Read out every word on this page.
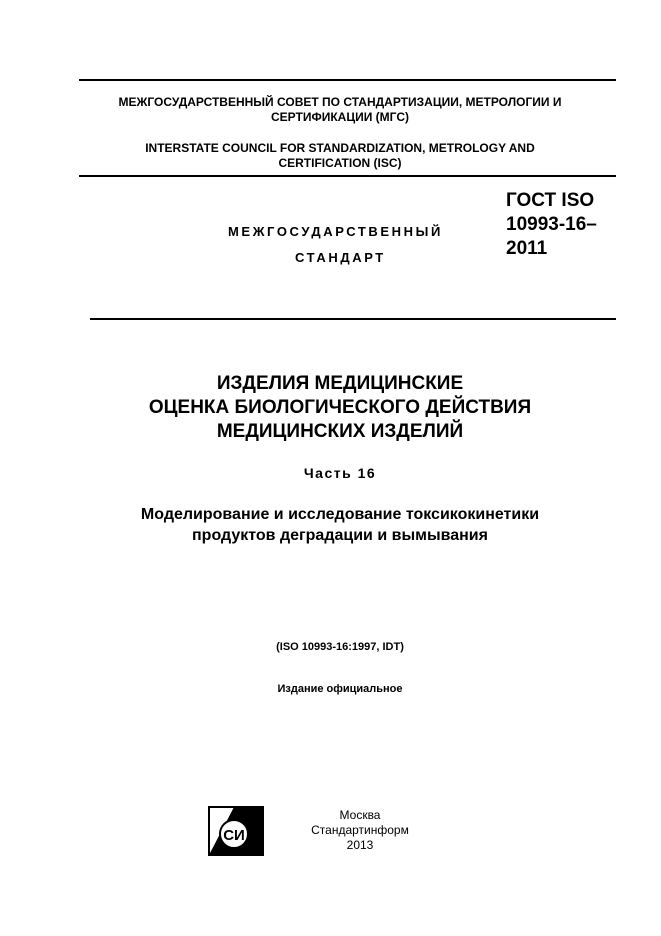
МЕЖГОСУДАРСТВЕННЫЙ СОВЕТ ПО СТАНДАРТИЗАЦИИ, МЕТРОЛОГИИ И
СЕРТИФИКАЦИИ (МГС)
INTERSTATE COUNCIL FOR STANDARDIZATION, METROLOGY AND
CERTIFICATION (ISC)
МЕЖГОСУДАРСТВЕННЫЙ
СТАНДАРТ
ГОСТ ISO
10993-16–
2011
ИЗДЕЛИЯ МЕДИЦИНСКИЕ
ОЦЕНКА БИОЛОГИЧЕСКОГО ДЕЙСТВИЯ
МЕДИЦИНСКИХ ИЗДЕЛИЙ
Часть 16
Моделирование и исследование токсикокинетики
продуктов деградации и вымывания
(ISO 10993-16:1997, IDT)
Издание официальное
СИ
Москва
Стандартинформ
2013
